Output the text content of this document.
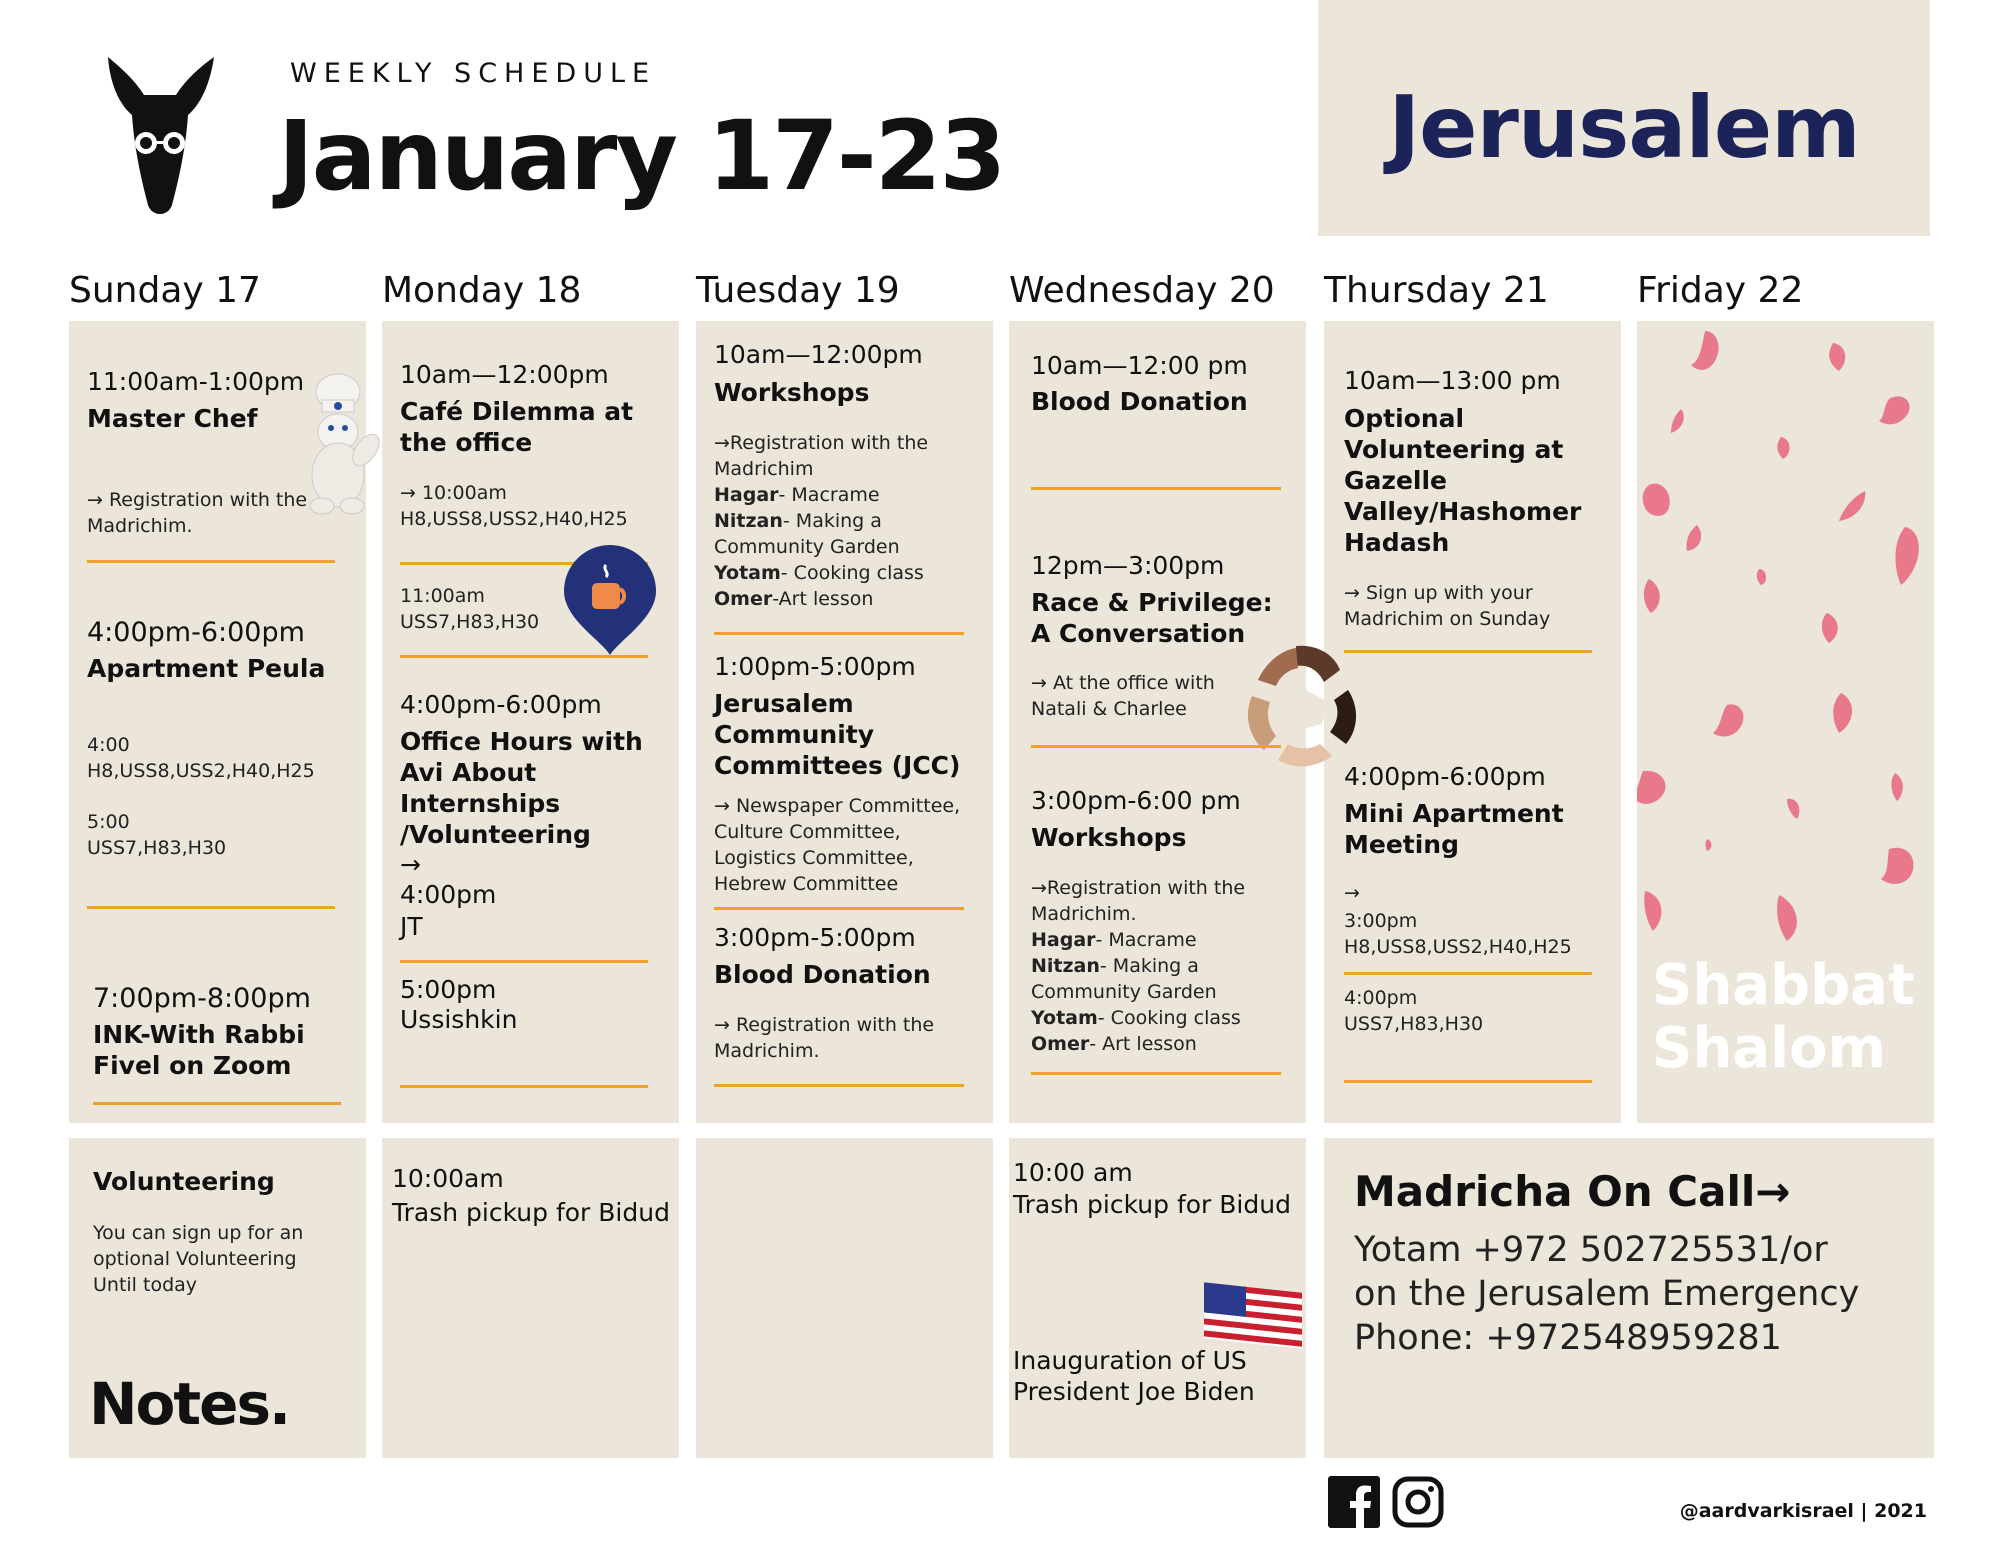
WEEKLY SCHEDULE
January 17-23	Jerusalem
Sunday 17	Monday 18	Tuesday 19	Wednesday 20 Thursday 21 Friday 22
11:00am-1:00pm
Master Chef
→ Registration with the Madrichim.
4:00pm-6:00pm
Apartment Peula
4:00
H8,USS8,USS2,H40,H25
5:00
USS7,H83,H30
7:00pm-8:00pm
INK-With Rabbi Fivel on Zoom
10am—12:00pm
Café Dilemma at the office
→ 10:00am
H8,USS8,USS2,H40,H25
11:00am
USS7,H83,H30
4:00pm-6:00pm
Office Hours with Avi About Internships /Volunteering
→
4:00pm
JT
5:00pm
Ussishkin
10am—12:00pm
Workshops
→Registration with the Madrichim
Hagar- Macrame
Nitzan- Making a Community Garden
Yotam- Cooking class
Omer-Art lesson
1:00pm-5:00pm
Jerusalem Community Committees (JCC)
→ Newspaper Committee, Culture Committee, Logistics Committee, Hebrew Committee
3:00pm-5:00pm
Blood Donation
→ Registration with the Madrichim.
10am—12:00 pm
Blood Donation
12pm—3:00pm
Race & Privilege: A Conversation
→ At the office with Natali & Charlee
3:00pm-6:00 pm
Workshops
→Registration with the Madrichim.
Hagar- Macrame
Nitzan- Making a Community Garden
Yotam- Cooking class
Omer- Art lesson
10am—13:00 pm
Optional Volunteering at Gazelle Valley/Hashomer Hadash
→ Sign up with your Madrichim on Sunday
4:00pm-6:00pm
Mini Apartment Meeting
→
3:00pm
H8,USS8,USS2,H40,H25
4:00pm
USS7,H83,H30
Shabbat
Shalom
Volunteering
You can sign up for an optional Volunteering Until today
Notes.
10:00am
Trash pickup for Bidud
10:00 am
Trash pickup for Bidud
Inauguration of US President Joe Biden
Madricha On Call→
Yotam +972 502725531/or on the Jerusalem Emergency Phone: +972548959281
@aardvarkisrael | 2021
